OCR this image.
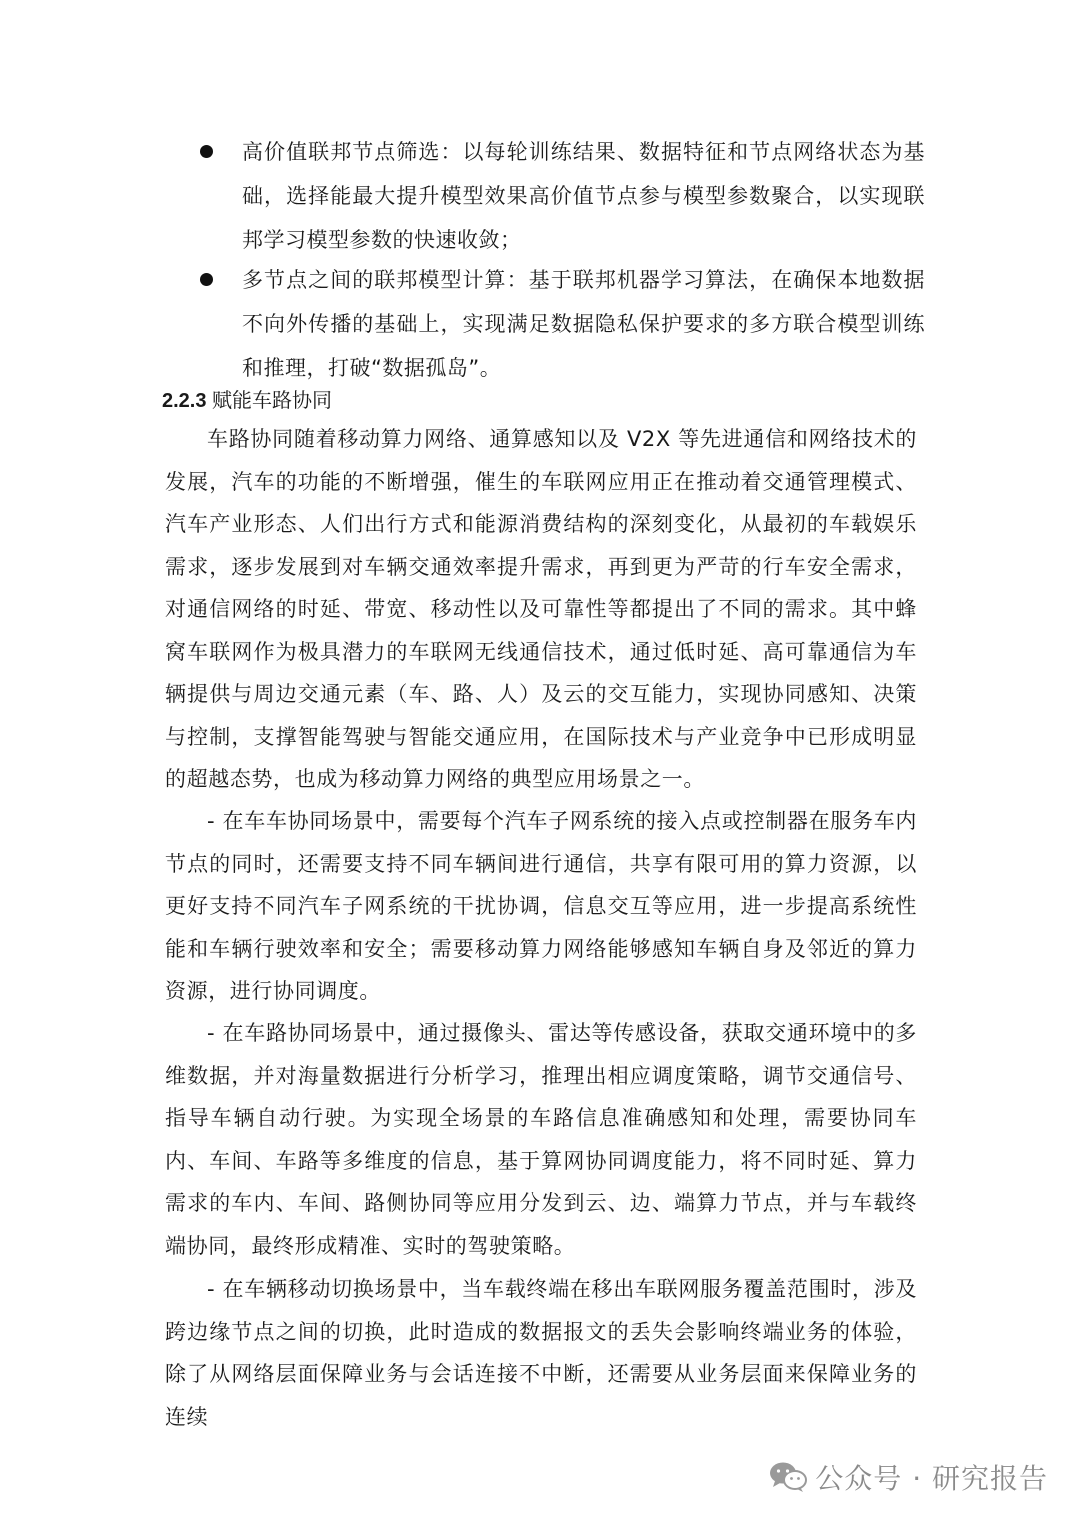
高价值联邦节点筛选：以每轮训练结果、数据特征和节点网络状态为基础，选择能最大提升模型效果高价值节点参与模型参数聚合，以实现联邦学习模型参数的快速收敛；
多节点之间的联邦模型计算：基于联邦机器学习算法，在确保本地数据不向外传播的基础上，实现满足数据隐私保护要求的多方联合模型训练和推理，打破“数据孤岛”。
2.2.3 赋能车路协同
车路协同随着移动算力网络、通算感知以及 V2X 等先进通信和网络技术的发展，汽车的功能的不断增强，催生的车联网应用正在推动着交通管理模式、汽车产业形态、人们出行方式和能源消费结构的深刻变化，从最初的车载娱乐需求，逐步发展到对车辆交通效率提升需求，再到更为严苛的行车安全需求，对通信网络的时延、带宽、移动性以及可靠性等都提出了不同的需求。其中蜂窝车联网作为极具潜力的车联网无线通信技术，通过低时延、高可靠通信为车辆提供与周边交通元素（车、路、人）及云的交互能力，实现协同感知、决策与控制，支撑智能驾驶与智能交通应用，在国际技术与产业竞争中已形成明显的超越态势，也成为移动算力网络的典型应用场景之一。
- 在车车协同场景中，需要每个汽车子网系统的接入点或控制器在服务车内节点的同时，还需要支持不同车辆间进行通信，共享有限可用的算力资源，以更好支持不同汽车子网系统的干扰协调，信息交互等应用，进一步提高系统性能和车辆行驶效率和安全；需要移动算力网络能够感知车辆自身及邻近的算力资源，进行协同调度。
- 在车路协同场景中，通过摄像头、雷达等传感设备，获取交通环境中的多维数据，并对海量数据进行分析学习，推理出相应调度策略，调节交通信号、指导车辆自动行驶。为实现全场景的车路信息准确感知和处理，需要协同车内、车间、车路等多维度的信息，基于算网协同调度能力，将不同时延、算力需求的车内、车间、路侧协同等应用分发到云、边、端算力节点，并与车载终端协同，最终形成精准、实时的驾驶策略。
- 在车辆移动切换场景中，当车载终端在移出车联网服务覆盖范围时，涉及跨边缘节点之间的切换，此时造成的数据报文的丢失会影响终端业务的体验，除了从网络层面保障业务与会话连接不中断，还需要从业务层面来保障业务的连续
公众号 · 研究报告
